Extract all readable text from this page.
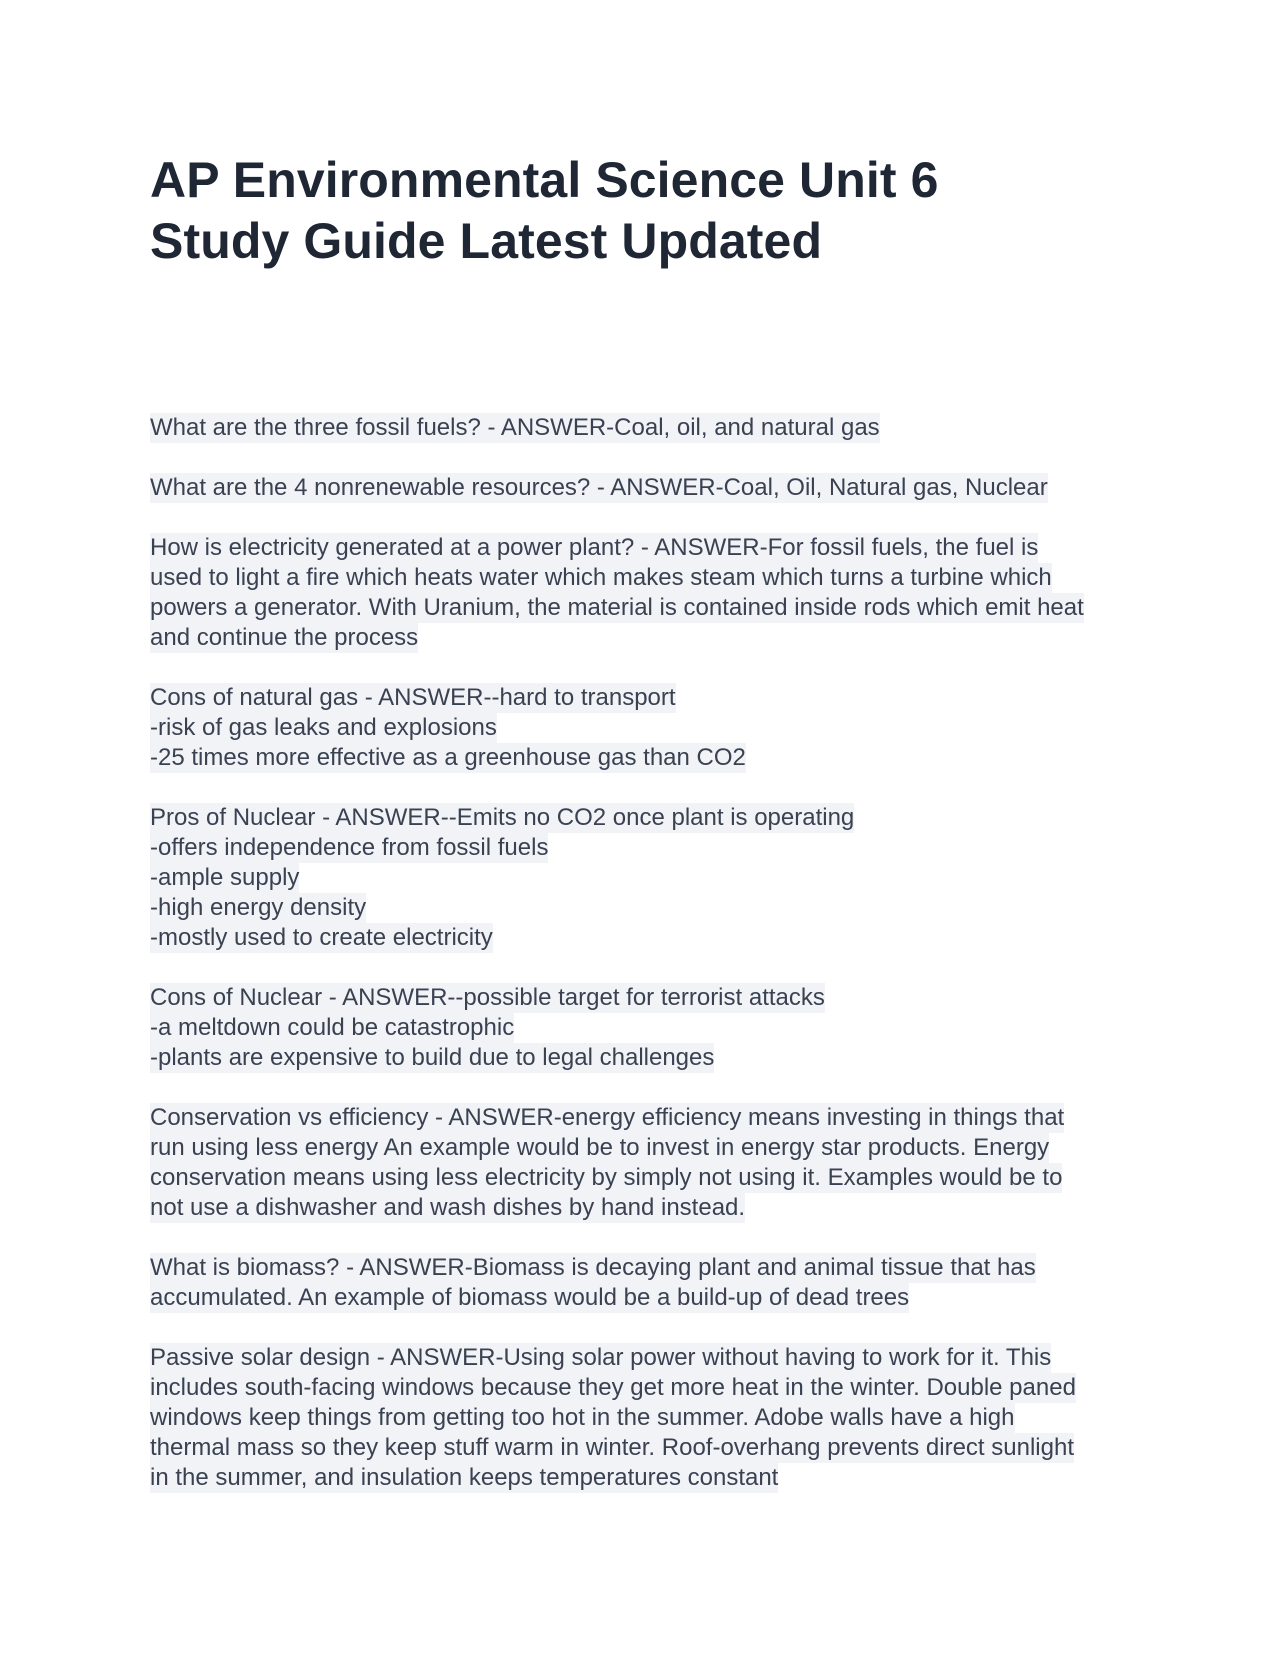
AP Environmental Science Unit 6
Study Guide Latest Updated
What are the three fossil fuels? - ANSWER-Coal, oil, and natural gas
What are the 4 nonrenewable resources? - ANSWER-Coal, Oil, Natural gas, Nuclear
How is electricity generated at a power plant? - ANSWER-For fossil fuels, the fuel is
used to light a fire which heats water which makes steam which turns a turbine which
powers a generator. With Uranium, the material is contained inside rods which emit heat
and continue the process
Cons of natural gas - ANSWER--hard to transport
-risk of gas leaks and explosions
-25 times more effective as a greenhouse gas than CO2
Pros of Nuclear - ANSWER--Emits no CO2 once plant is operating
-offers independence from fossil fuels
-ample supply
-high energy density
-mostly used to create electricity
Cons of Nuclear - ANSWER--possible target for terrorist attacks
-a meltdown could be catastrophic
-plants are expensive to build due to legal challenges
Conservation vs efficiency - ANSWER-energy efficiency means investing in things that
run using less energy An example would be to invest in energy star products. Energy
conservation means using less electricity by simply not using it. Examples would be to
not use a dishwasher and wash dishes by hand instead.
What is biomass? - ANSWER-Biomass is decaying plant and animal tissue that has
accumulated. An example of biomass would be a build-up of dead trees
Passive solar design - ANSWER-Using solar power without having to work for it. This
includes south-facing windows because they get more heat in the winter. Double paned
windows keep things from getting too hot in the summer. Adobe walls have a high
thermal mass so they keep stuff warm in winter. Roof-overhang prevents direct sunlight
in the summer, and insulation keeps temperatures constant
